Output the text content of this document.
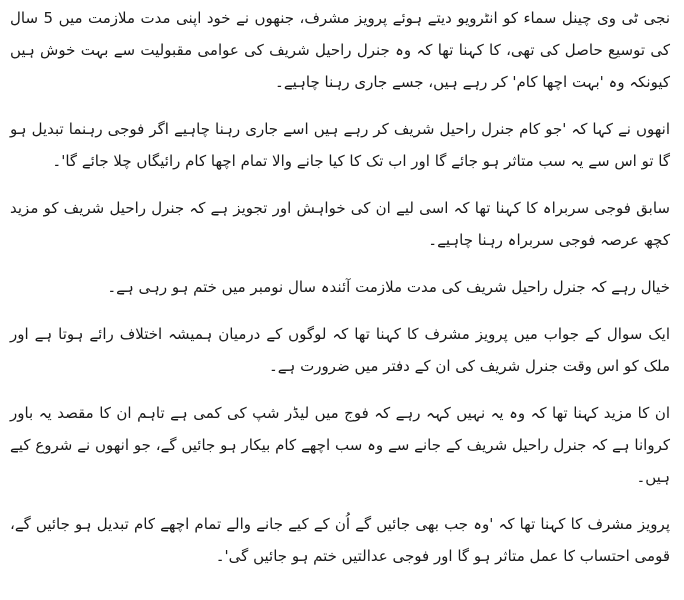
نجی ٹی وی چینل سماء کو انٹرویو دیتے ہوئے پرویز مشرف، جنھوں نے خود اپنی مدت ملازمت میں 5 سال کی توسیع حاصل کی تھی، کا کہنا تھا کہ وہ جنرل راحیل شریف کی عوامی مقبولیت سے بہت خوش ہیں کیونکہ وہ 'بہت اچھا کام' کر رہے ہیں، جسے جاری رہنا چاہیے۔

انھوں نے کہا کہ 'جو کام جنرل راحیل شریف کر رہے ہیں اسے جاری رہنا چاہیے اگر فوجی رہنما تبدیل ہو گا تو اس سے یہ سب متاثر ہو جائے گا اور اب تک کا کیا جانے والا تمام اچھا کام رائیگاں چلا جائے گا'۔

سابق فوجی سربراہ کا کہنا تھا کہ اسی لیے ان کی خواہش اور تجویز ہے کہ جنرل راحیل شریف کو مزید کچھ عرصہ فوجی سربراہ رہنا چاہیے۔

خیال رہے کہ جنرل راحیل شریف کی مدت ملازمت آئندہ سال نومبر میں ختم ہو رہی ہے۔

ایک سوال کے جواب میں پرویز مشرف کا کہنا تھا کہ لوگوں کے درمیان ہمیشہ اختلاف رائے ہوتا ہے اور ملک کو اس وقت جنرل شریف کی ان کے دفتر میں ضرورت ہے۔

ان کا مزید کہنا تھا کہ وہ یہ نہیں کہہ رہے کہ فوج میں لیڈر شپ کی کمی ہے تاہم ان کا مقصد یہ باور کروانا ہے کہ جنرل راحیل شریف کے جانے سے وہ سب اچھے کام بیکار ہو جائیں گے، جو انھوں نے شروع کیے ہیں۔

پرویز مشرف کا کہنا تھا کہ 'وہ جب بھی جائیں گے اُن کے کیے جانے والے تمام اچھے کام تبدیل ہو جائیں گے، قومی احتساب کا عمل متاثر ہو گا اور فوجی عدالتیں ختم ہو جائیں گی'۔
